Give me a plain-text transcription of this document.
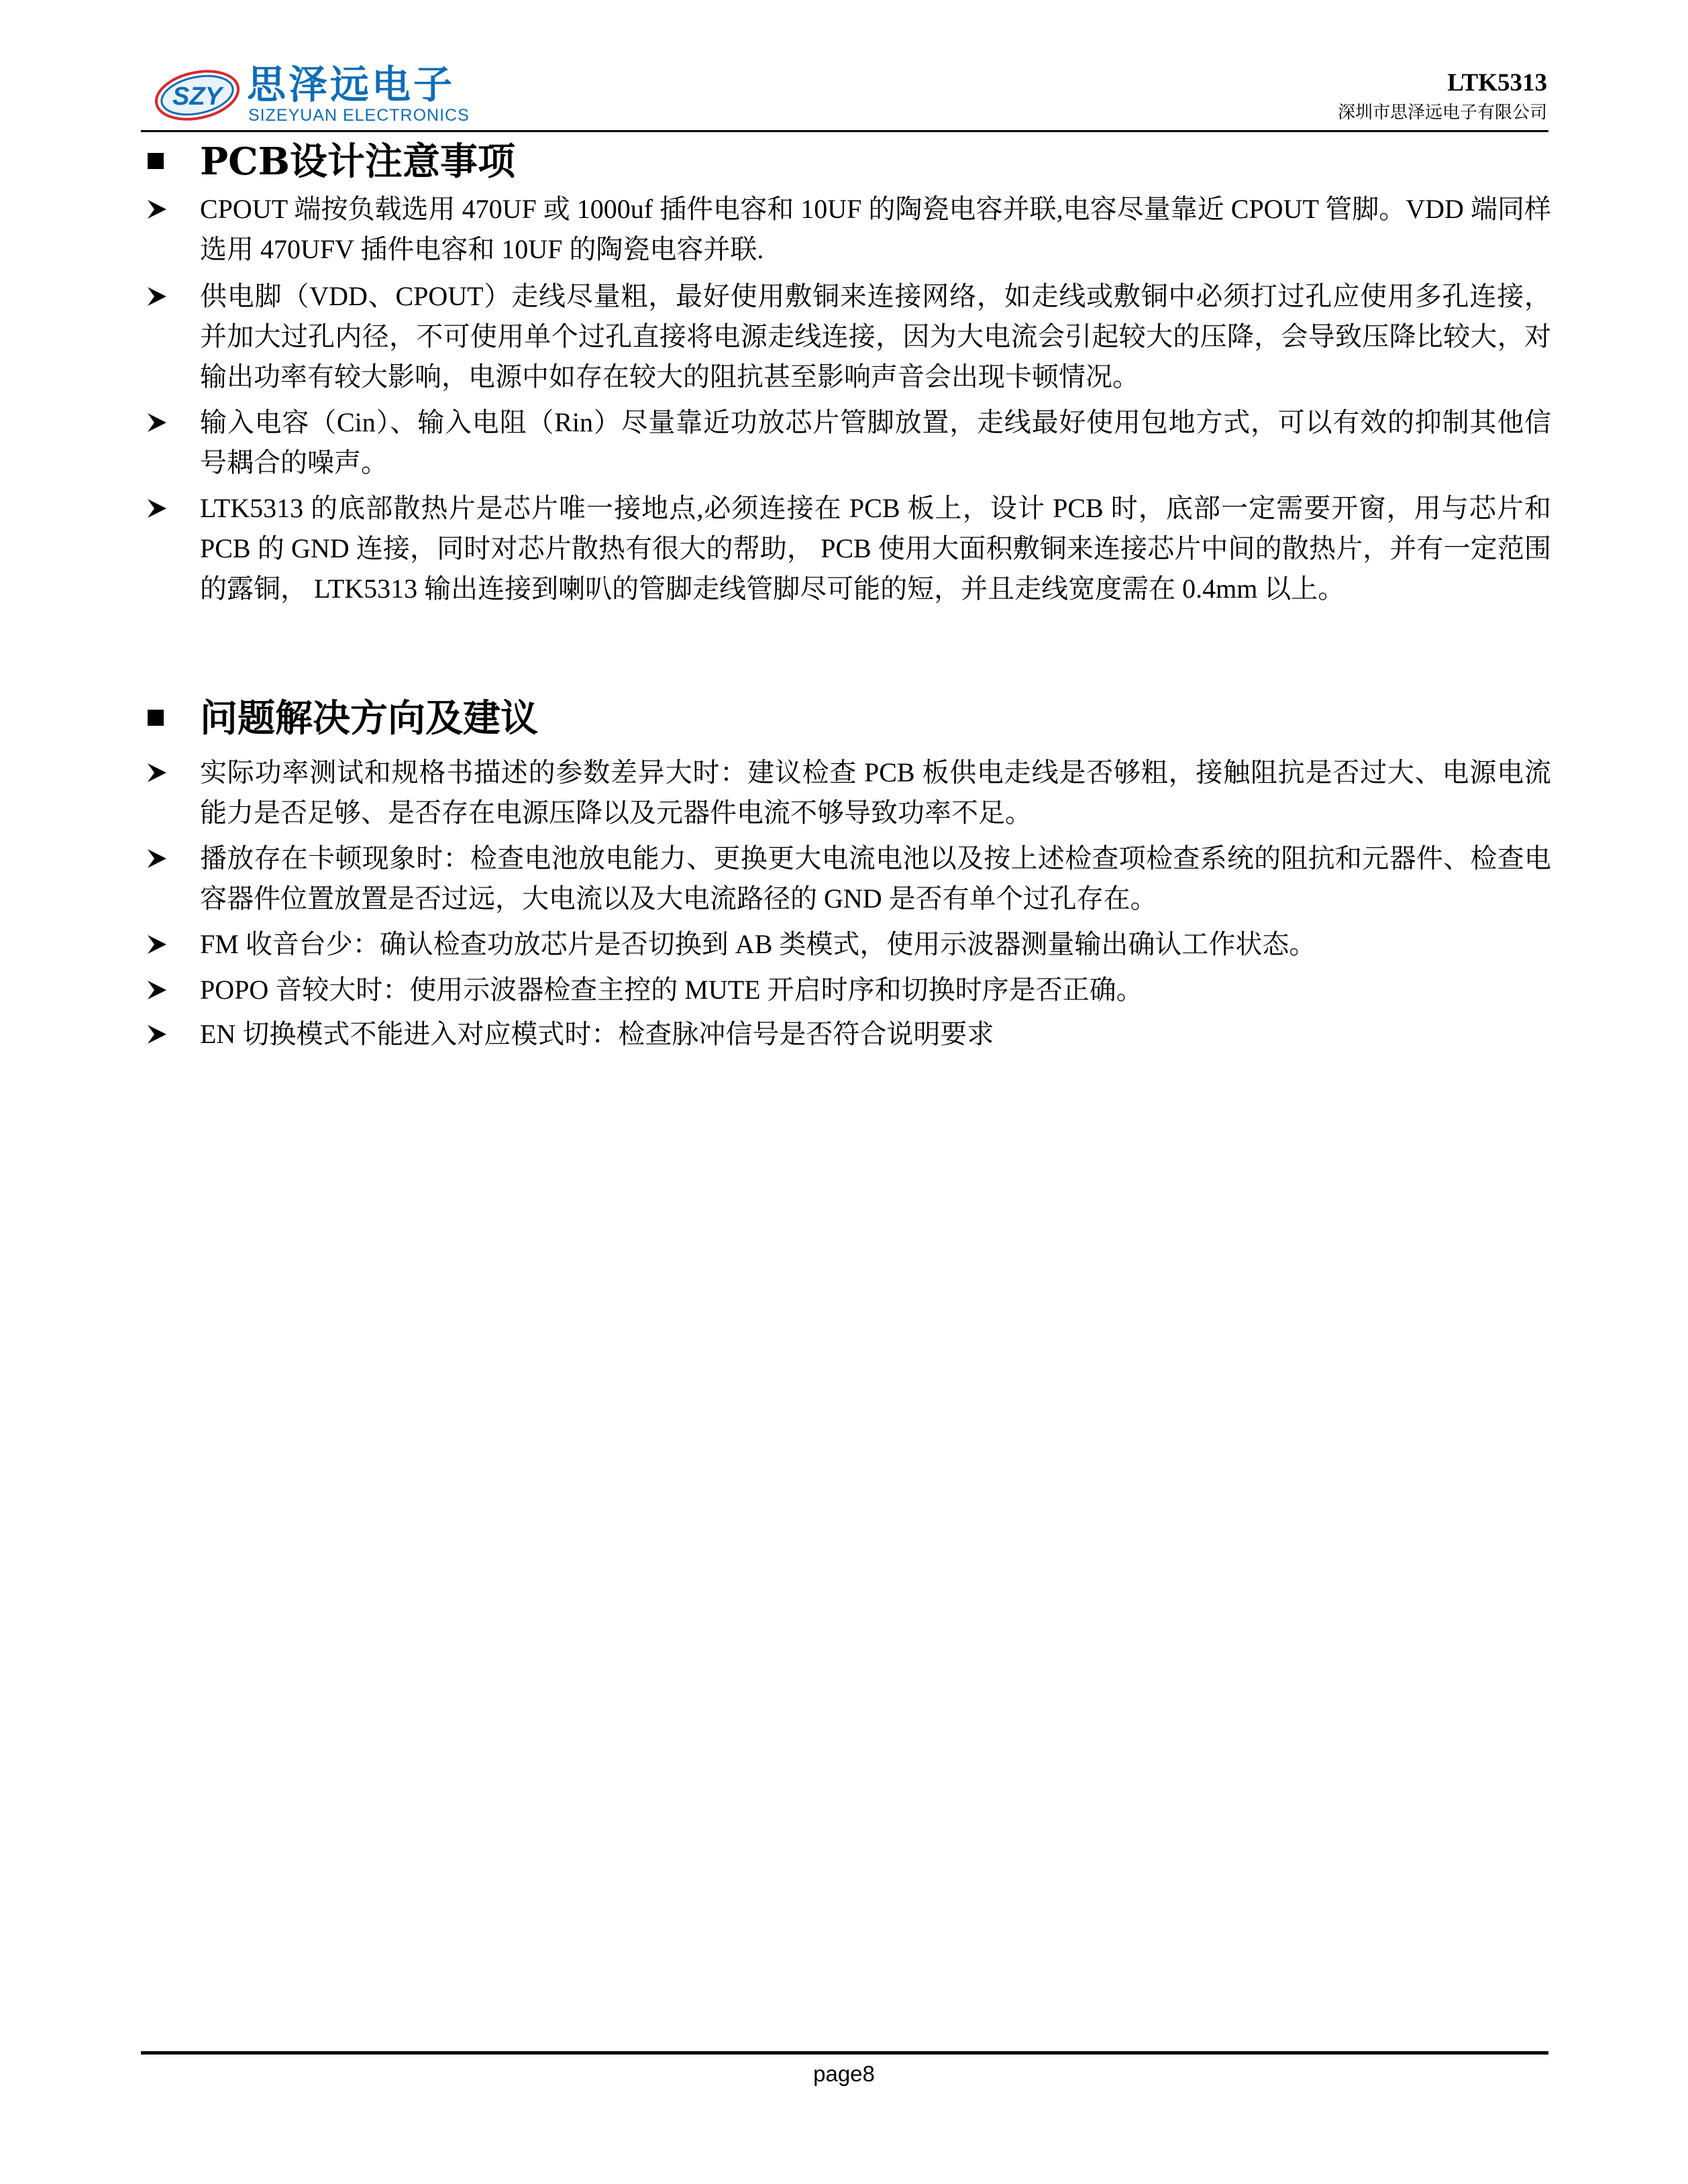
SZY 思泽远电子
SIZEYUAN ELECTRONICS
LTK5313
深圳市思泽远电子有限公司
PCB设计注意事项
CPOUT 端按负载选用 470UF 或 1000uf 插件电容和 10UF 的陶瓷电容并联,电容尽量靠近 CPOUT 管脚。VDD 端同样选用 470UFV 插件电容和 10UF 的陶瓷电容并联.
供电脚（VDD、CPOUT）走线尽量粗，最好使用敷铜来连接网络，如走线或敷铜中必须打过孔应使用多孔连接，并加大过孔内径，不可使用单个过孔直接将电源走线连接，因为大电流会引起较大的压降，会导致压降比较大，对输出功率有较大影响，电源中如存在较大的阻抗甚至影响声音会出现卡顿情况。
输入电容（Cin）、输入电阻（Rin）尽量靠近功放芯片管脚放置，走线最好使用包地方式，可以有效的抑制其他信号耦合的噪声。
LTK5313 的底部散热片是芯片唯一接地点,必须连接在 PCB 板上，设计 PCB 时，底部一定需要开窗，用与芯片和 PCB 的 GND 连接，同时对芯片散热有很大的帮助， PCB 使用大面积敷铜来连接芯片中间的散热片，并有一定范围的露铜， LTK5313 输出连接到喇叭的管脚走线管脚尽可能的短，并且走线宽度需在 0.4mm 以上。
问题解决方向及建议
实际功率测试和规格书描述的参数差异大时：建议检查 PCB 板供电走线是否够粗，接触阻抗是否过大、电源电流能力是否足够、是否存在电源压降以及元器件电流不够导致功率不足。
播放存在卡顿现象时：检查电池放电能力、更换更大电流电池以及按上述检查项检查系统的阻抗和元器件、检查电容器件位置放置是否过远，大电流以及大电流路径的 GND 是否有单个过孔存在。
FM 收音台少：确认检查功放芯片是否切换到 AB 类模式，使用示波器测量输出确认工作状态。
POPO 音较大时：使用示波器检查主控的 MUTE 开启时序和切换时序是否正确。
EN 切换模式不能进入对应模式时：检查脉冲信号是否符合说明要求
page8
